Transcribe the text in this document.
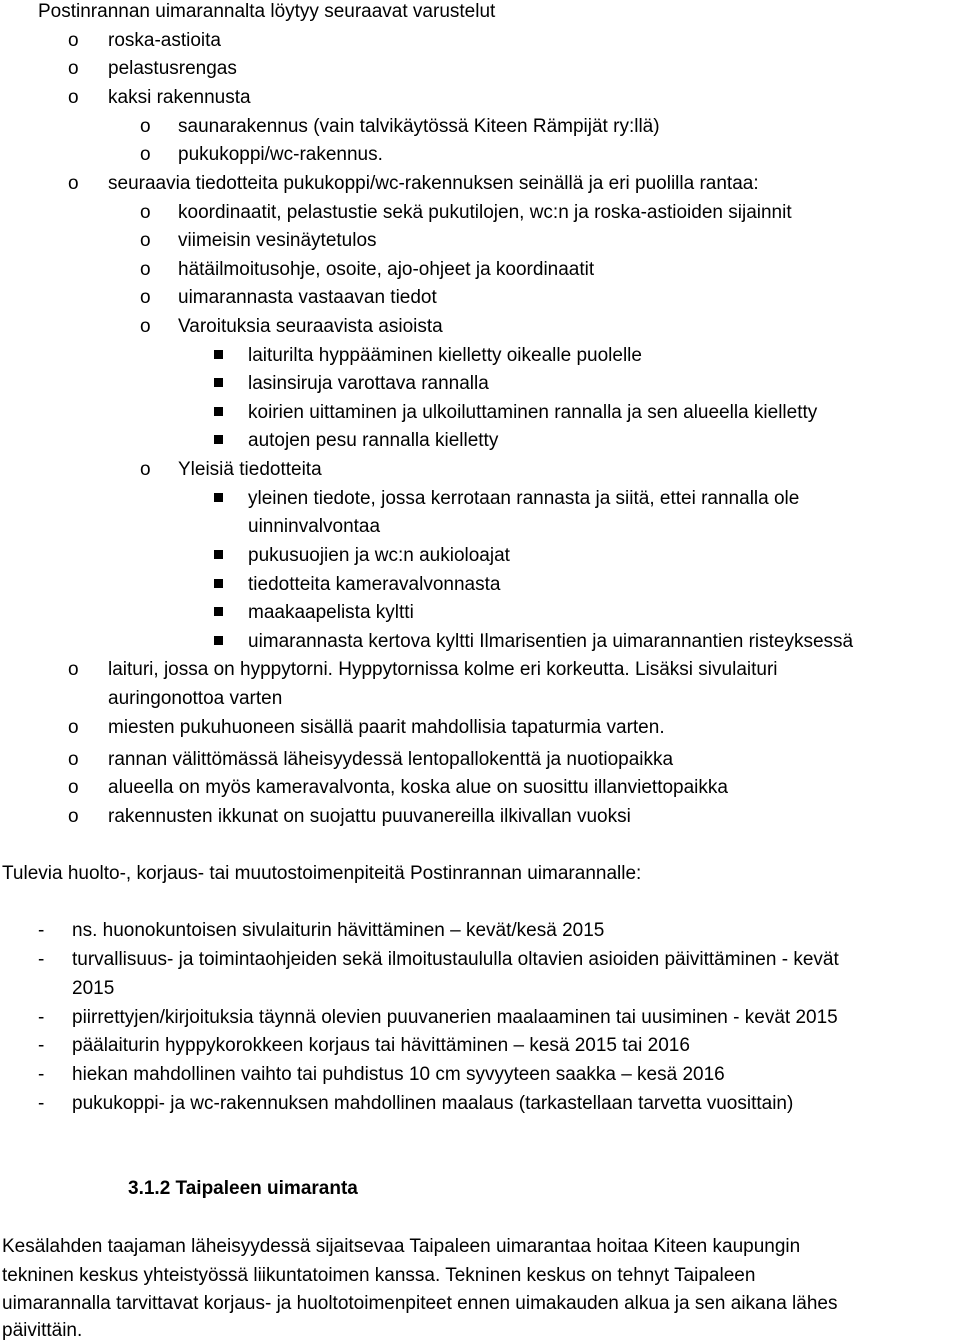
Postinrannan uimarannalta löytyy seuraavat varustelut
o roska-astioita
o pelastusrengas
o kaksi rakennusta
o saunarakennus (vain talvikäytössä Kiteen Rämpijät ry:llä)
o pukukoppi/wc-rakennus.
o seuraavia tiedotteita pukukoppi/wc-rakennuksen seinällä ja eri puolilla rantaa:
o koordinaatit, pelastustie sekä pukutilojen, wc:n ja roska-astioiden sijainnit
o viimeisin vesinäytetulos
o hätäilmoitusohje, osoite, ajo-ohjeet ja koordinaatit
o uimarannasta vastaavan tiedot
o Varoituksia seuraavista asioista
laiturilta hyppääminen kielletty oikealle puolelle
lasinsiruja varottava rannalla
koirien uittaminen ja ulkoiluttaminen rannalla ja sen alueella kielletty
autojen pesu rannalla kielletty
o Yleisiä tiedotteita
yleinen tiedote, jossa kerrotaan rannasta ja siitä, ettei rannalla ole
uinninvalvontaa
pukusuojien ja wc:n aukioloajat
tiedotteita kameravalvonnasta
maakaapelista kyltti
uimarannasta kertova kyltti Ilmarisentien ja uimarannantien risteyksessä
o laituri, jossa on hyppytorni. Hyppytornissa kolme eri korkeutta. Lisäksi sivulaituri
auringonottoa varten
o miesten pukuhuoneen sisällä paarit mahdollisia tapaturmia varten.
o rannan välittömässä läheisyydessä lentopallokenttä ja nuotiopaikka
o alueella on myös kameravalvonta, koska alue on suosittu illanviettopaikka
o rakennusten ikkunat on suojattu puuvanereilla ilkivallan vuoksi
Tulevia huolto-, korjaus- tai muutostoimenpiteitä Postinrannan uimarannalle:
- ns. huonokuntoisen sivulaiturin hävittäminen – kevät/kesä 2015
- turvallisuus- ja toimintaohjeiden sekä ilmoitustaululla oltavien asioiden päivittäminen - kevät
2015
- piirrettyjen/kirjoituksia täynnä olevien puuvanerien maalaaminen tai uusiminen - kevät 2015
- päälaiturin hyppykorokkeen korjaus tai hävittäminen – kesä 2015 tai 2016
- hiekan mahdollinen vaihto tai puhdistus 10 cm syvyyteen saakka – kesä 2016
- pukukoppi- ja wc-rakennuksen mahdollinen maalaus (tarkastellaan tarvetta vuosittain)
3.1.2 Taipaleen uimaranta
Kesälahden taajaman läheisyydessä sijaitsevaa Taipaleen uimarantaa hoitaa Kiteen kaupungin
tekninen keskus yhteistyössä liikuntatoimen kanssa. Tekninen keskus on tehnyt Taipaleen
uimarannalla tarvittavat korjaus- ja huoltotoimenpiteet ennen uimakauden alkua ja sen aikana lähes
päivittäin.
